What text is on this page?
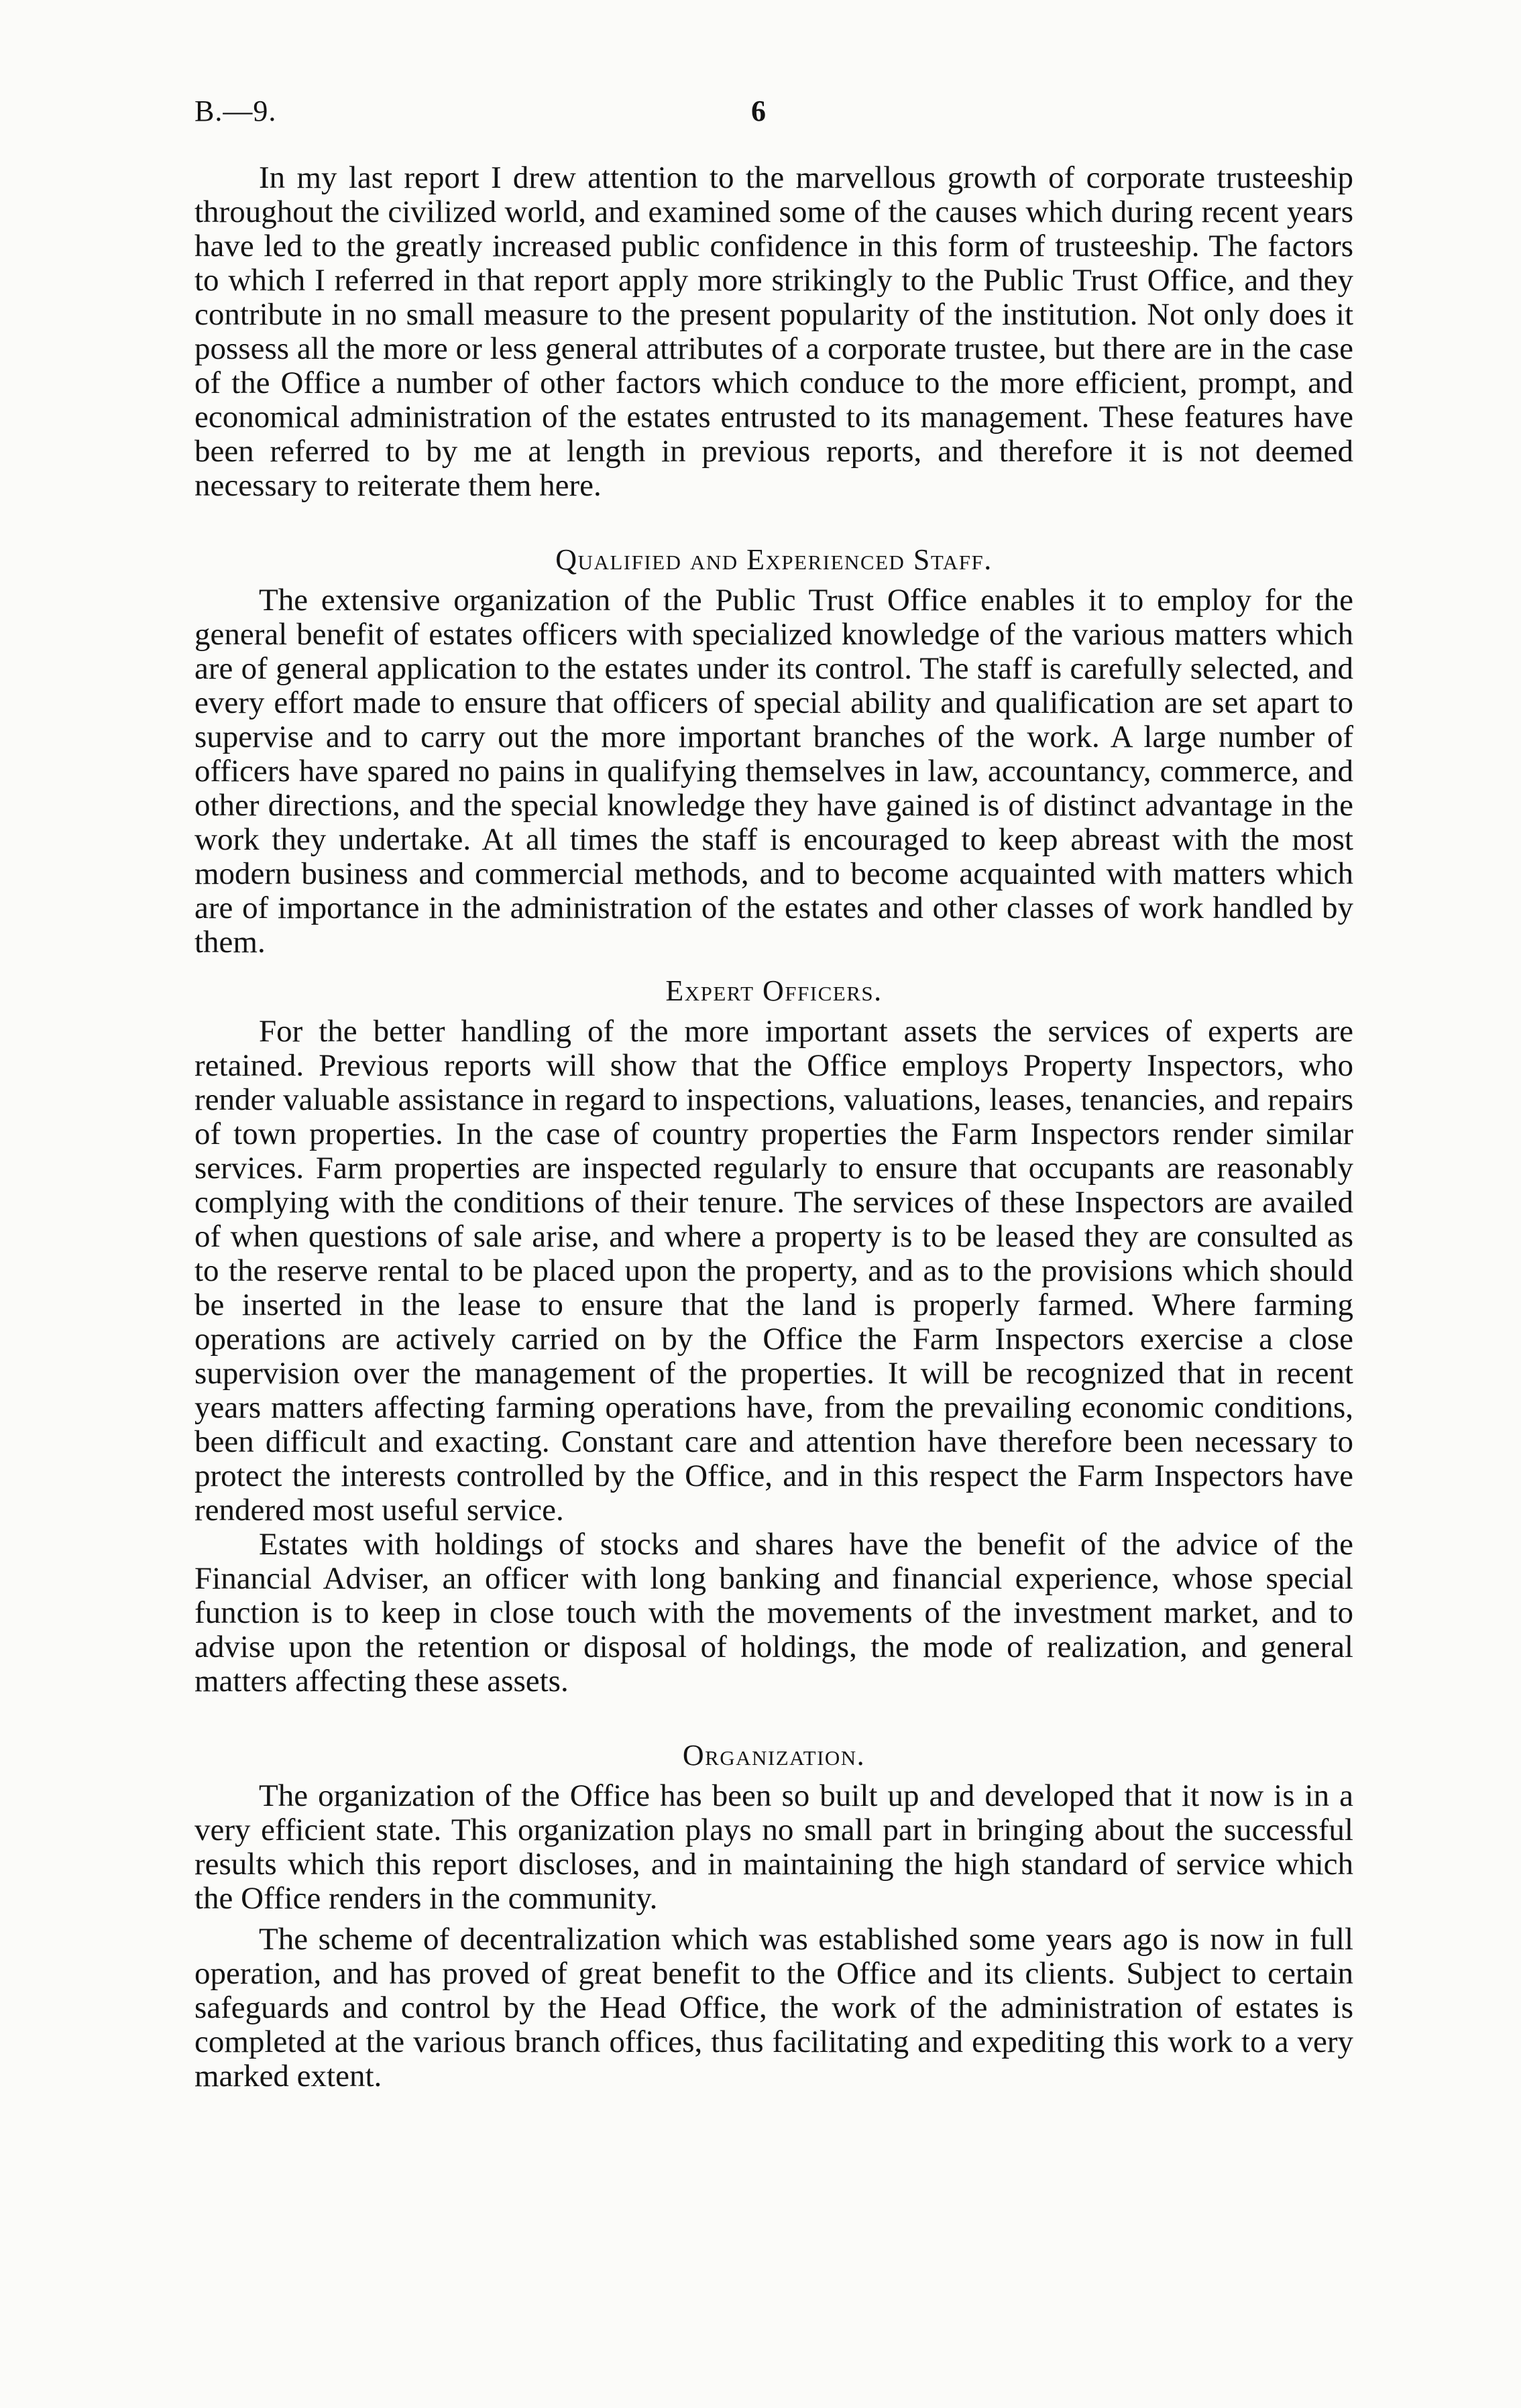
B.—9.	6

In my last report I drew attention to the marvellous growth of corporate trusteeship throughout the civilized world, and examined some of the causes which during recent years have led to the greatly increased public confidence in this form of trusteeship. The factors to which I referred in that report apply more strikingly to the Public Trust Office, and they contribute in no small measure to the present popularity of the institution. Not only does it possess all the more or less general attributes of a corporate trustee, but there are in the case of the Office a number of other factors which conduce to the more efficient, prompt, and economical administration of the estates entrusted to its management. These features have been referred to by me at length in previous reports, and therefore it is not deemed necessary to reiterate them here.

Qualified and Experienced Staff.

The extensive organization of the Public Trust Office enables it to employ for the general benefit of estates officers with specialized knowledge of the various matters which are of general application to the estates under its control. The staff is carefully selected, and every effort made to ensure that officers of special ability and qualification are set apart to supervise and to carry out the more important branches of the work. A large number of officers have spared no pains in qualifying themselves in law, accountancy, commerce, and other directions, and the special knowledge they have gained is of distinct advantage in the work they undertake. At all times the staff is encouraged to keep abreast with the most modern business and commercial methods, and to become acquainted with matters which are of importance in the administration of the estates and other classes of work handled by them.

Expert Officers.

For the better handling of the more important assets the services of experts are retained. Previous reports will show that the Office employs Property Inspectors, who render valuable assistance in regard to inspections, valuations, leases, tenancies, and repairs of town properties. In the case of country properties the Farm Inspectors render similar services. Farm properties are inspected regularly to ensure that occupants are reasonably complying with the conditions of their tenure. The services of these Inspectors are availed of when questions of sale arise, and where a property is to be leased they are consulted as to the reserve rental to be placed upon the property, and as to the provisions which should be inserted in the lease to ensure that the land is properly farmed. Where farming operations are actively carried on by the Office the Farm Inspectors exercise a close supervision over the management of the properties. It will be recognized that in recent years matters affecting farming operations have, from the prevailing economic conditions, been difficult and exacting. Constant care and attention have therefore been necessary to protect the interests controlled by the Office, and in this respect the Farm Inspectors have rendered most useful service.

Estates with holdings of stocks and shares have the benefit of the advice of the Financial Adviser, an officer with long banking and financial experience, whose special function is to keep in close touch with the movements of the investment market, and to advise upon the retention or disposal of holdings, the mode of realization, and general matters affecting these assets.

Organization.

The organization of the Office has been so built up and developed that it now is in a very efficient state. This organization plays no small part in bringing about the successful results which this report discloses, and in maintaining the high standard of service which the Office renders in the community.

The scheme of decentralization which was established some years ago is now in full operation, and has proved of great benefit to the Office and its clients. Subject to certain safeguards and control by the Head Office, the work of the administration of estates is completed at the various branch offices, thus facilitating and expediting this work to a very marked extent.
